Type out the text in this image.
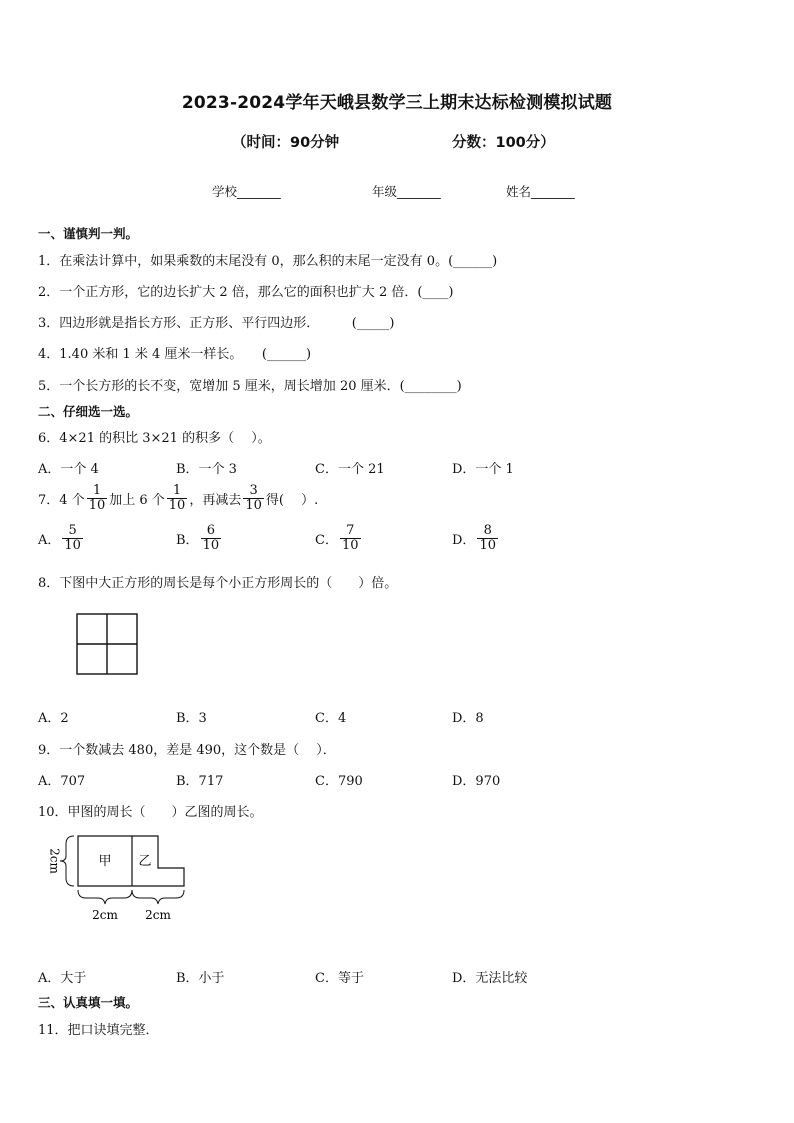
2023-2024学年天峨县数学三上期末达标检测模拟试题
（时间：90分钟	分数：100分）
学校_______	年级_______	姓名_______
一、谨慎判一判。
1．在乘法计算中，如果乘数的末尾没有 0，那么积的末尾一定没有 0。(______)
2．一个正方形，它的边长扩大 2 倍，那么它的面积也扩大 2 倍．(____)
3．四边形就是指长方形、正方形、平行四边形．　　　(_____)
4．1.40 米和 1 米 4 厘米一样长。　　(______)
5．一个长方形的长不变，宽增加 5 厘米，周长增加 20 厘米．(________)
二、仔细选一选。
6．4×21 的积比 3×21 的积多（　 ）。
A．一个 4	B．一个 3	C．一个 21	D．一个 1
7．4 个 $\frac{1}{10}$ 加上 6 个 $\frac{1}{10}$ ，再减去 $\frac{3}{10}$ 得(　 ）.
A． $\frac{5}{10}$	B． $\frac{6}{10}$	C． $\frac{7}{10}$	D． $\frac{8}{10}$
8．下图中大正方形的周长是每个小正方形周长的（　　）倍。
A．2	B．3	C．4	D．8
9．一个数减去 480，差是 490，这个数是（　 ）．
A．707	B．717	C．790	D．970
10．甲图的周长（　　）乙图的周长。
甲 乙
2cm
2cm 2cm
A．大于	B．小于	C．等于	D．无法比较
三、认真填一填。
11．把口诀填完整．
